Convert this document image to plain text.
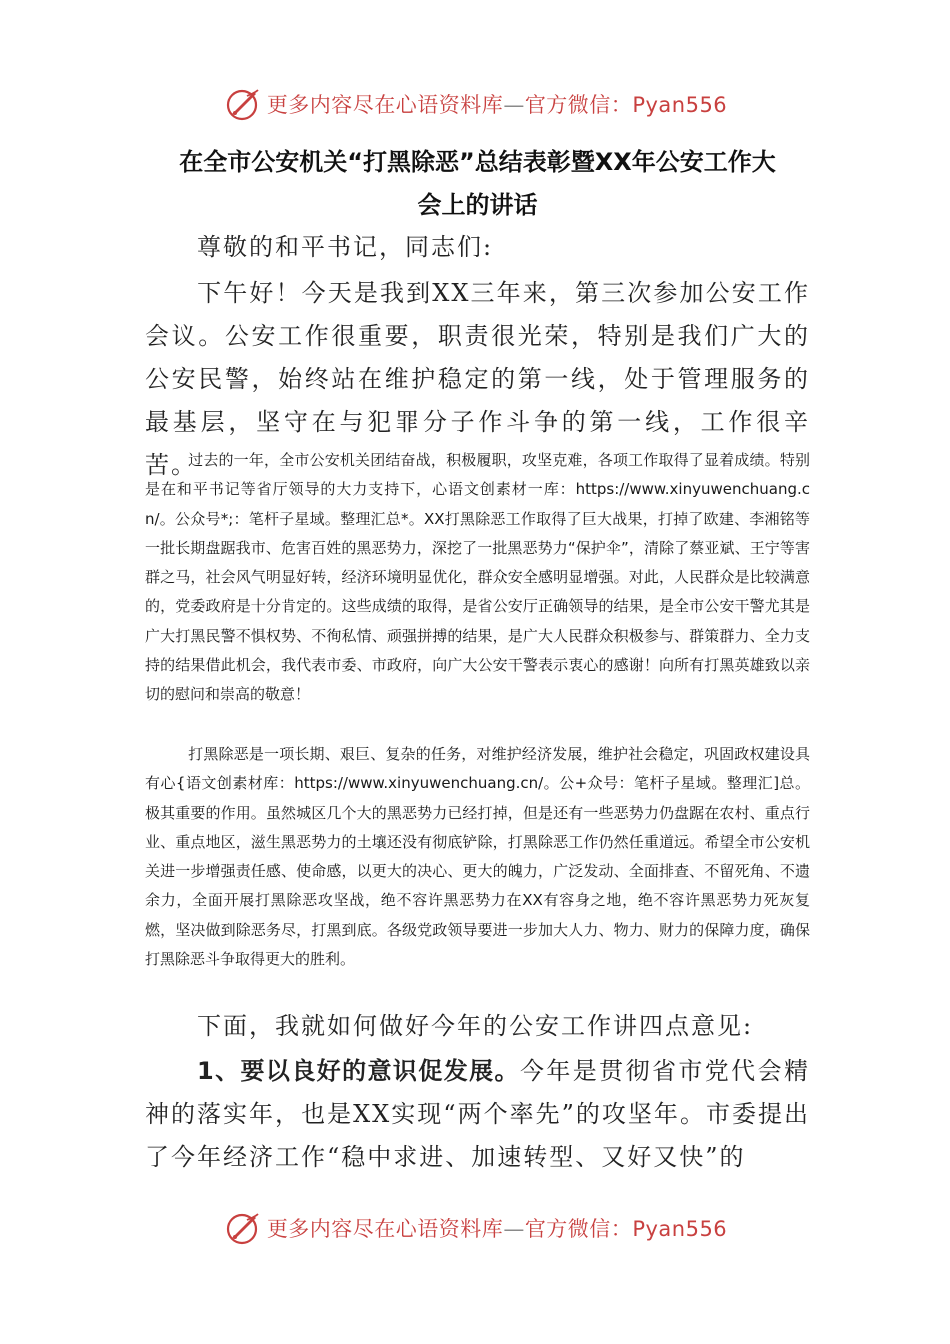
更多内容尽在心语资料库—官方微信：Pyan556
在全市公安机关“打黑除恶”总结表彰暨XX年公安工作大
会上的讲话

尊敬的和平书记，同志们:

下午好！今天是我到XX三年来，第三次参加公安工作会议。公安工作很重要，职责很光荣，特别是我们广大的公安民警，始终站在维护稳定的第一线，处于管理服务的最基层，坚守在与犯罪分子作斗争的第一线，工作很辛苦。

过去的一年，全市公安机关团结奋战，积极履职，攻坚克难，各项工作取得了显着成绩。特别是在和平书记等省厅领导的大力支持下，心语文创素材一库：https://www.xinyuwenchuang.cn/。公众号*;：笔杆子星域。整理汇总*。XX打黑除恶工作取得了巨大战果，打掉了欧建、李湘铭等一批长期盘踞我市、危害百姓的黑恶势力，深挖了一批黑恶势力“保护伞”，清除了蔡亚斌、王宁等害群之马，社会风气明显好转，经济环境明显优化，群众安全感明显增强。对此，人民群众是比较满意的，党委政府是十分肯定的。这些成绩的取得，是省公安厅正确领导的结果，是全市公安干警尤其是广大打黑民警不惧权势、不徇私情、顽强拼搏的结果，是广大人民群众积极参与、群策群力、全力支持的结果借此机会，我代表市委、市政府，向广大公安干警表示衷心的感谢！向所有打黑英雄致以亲切的慰问和崇高的敬意！

打黑除恶是一项长期、艰巨、复杂的任务，对维护经济发展，维护社会稳定，巩固政权建设具有心{语文创素材库：https://www.xinyuwenchuang.cn/。公+众号：笔杆子星域。整理汇]总。极其重要的作用。虽然城区几个大的黑恶势力已经打掉，但是还有一些恶势力仍盘踞在农村、重点行业、重点地区，滋生黑恶势力的土壤还没有彻底铲除，打黑除恶工作仍然任重道远。希望全市公安机关进一步增强责任感、使命感，以更大的决心、更大的魄力，广泛发动、全面排查、不留死角、不遗余力，全面开展打黑除恶攻坚战，绝不容许黑恶势力在XX有容身之地，绝不容许黑恶势力死灰复燃，坚决做到除恶务尽，打黑到底。各级党政领导要进一步加大人力、物力、财力的保障力度，确保打黑除恶斗争取得更大的胜利。

下面，我就如何做好今年的公安工作讲四点意见:

1、要以良好的意识促发展。今年是贯彻省市党代会精神的落实年，也是XX实现“两个率先”的攻坚年。市委提出了今年经济工作“稳中求进、加速转型、又好又快”的

更多内容尽在心语资料库—官方微信：Pyan556
